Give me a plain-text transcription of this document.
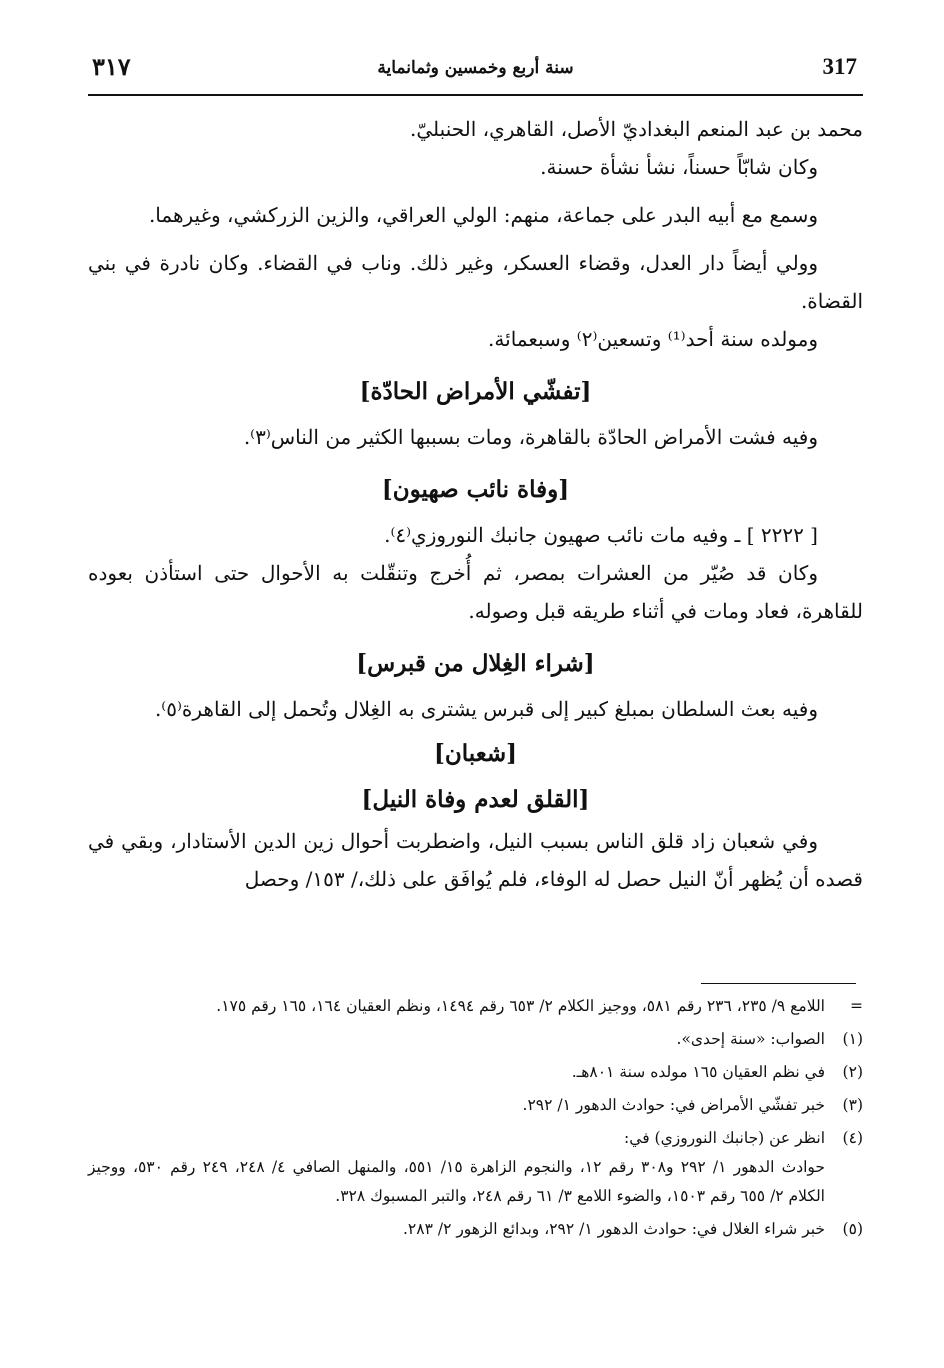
317
سنة أربع وخمسين وثمانماية
٣١٧

محمد بن عبد المنعم البغداديّ الأصل، القاهري، الحنبليّ.

وكان شابّاً حسناً، نشأ نشأة حسنة.

وسمع مع أبيه البدر على جماعة، منهم: الولي العراقي، والزين الزركشي، وغيرهما.

وولي أيضاً دار العدل، وقضاء العسكر، وغير ذلك. وناب في القضاء. وكان نادرة في بني القضاة.

ومولده سنة أحد⁽¹⁾ وتسعين⁽٢⁾ وسبعمائة.

[تفشّي الأمراض الحادّة]

وفيه فشت الأمراض الحادّة بالقاهرة، ومات بسببها الكثير من الناس⁽٣⁾.

[وفاة نائب صهيون]

[ ٢٢٢٢ ] ـ وفيه مات نائب صهيون جانبك النوروزي⁽٤⁾.

وكان قد صُيّر من العشرات بمصر، ثم أُخرج وتنقّلت به الأحوال حتى استأذن بعوده للقاهرة، فعاد ومات في أثناء طريقه قبل وصوله.

[شراء الغِلال من قبرس]

وفيه بعث السلطان بمبلغ كبير إلى قبرس يشترى به الغِلال وتُحمل إلى القاهرة⁽٥⁾.

[شعبان]
[القلق لعدم وفاة النيل]

وفي شعبان زاد قلق الناس بسبب النيل، واضطربت أحوال زين الدين الأستادار، وبقي في قصده أن يُظهر أنّ النيل حصل له الوفاء، فلم يُوافَق على ذلك،/ ١٥٣/ وحصل

=
اللامع ٩/ ٢٣٥، ٢٣٦ رقم ٥٨١، ووجيز الكلام ٢/ ٦٥٣ رقم ١٤٩٤، ونظم العقيان ١٦٤، ١٦٥ رقم ١٧٥.
(١)
الصواب: «سنة إحدى».
(٢)
في نظم العقيان ١٦٥ مولده سنة ٨٠١هـ.
(٣)
خبر تفشّي الأمراض في: حوادث الدهور ١/ ٢٩٢.
(٤)
انظر عن (جانبك النوروزي) في:
حوادث الدهور ١/ ٢٩٢ و٣٠٨ رقم ١٢، والنجوم الزاهرة ١٥/ ٥٥١، والمنهل الصافي ٤/ ٢٤٨، ٢٤٩ رقم ٥٣٠، ووجيز الكلام ٢/ ٦٥٥ رقم ١٥٠٣، والضوء اللامع ٣/ ٦١ رقم ٢٤٨، والتبر المسبوك ٣٢٨.
(٥)
خبر شراء الغلال في: حوادث الدهور ١/ ٢٩٢، وبدائع الزهور ٢/ ٢٨٣.
